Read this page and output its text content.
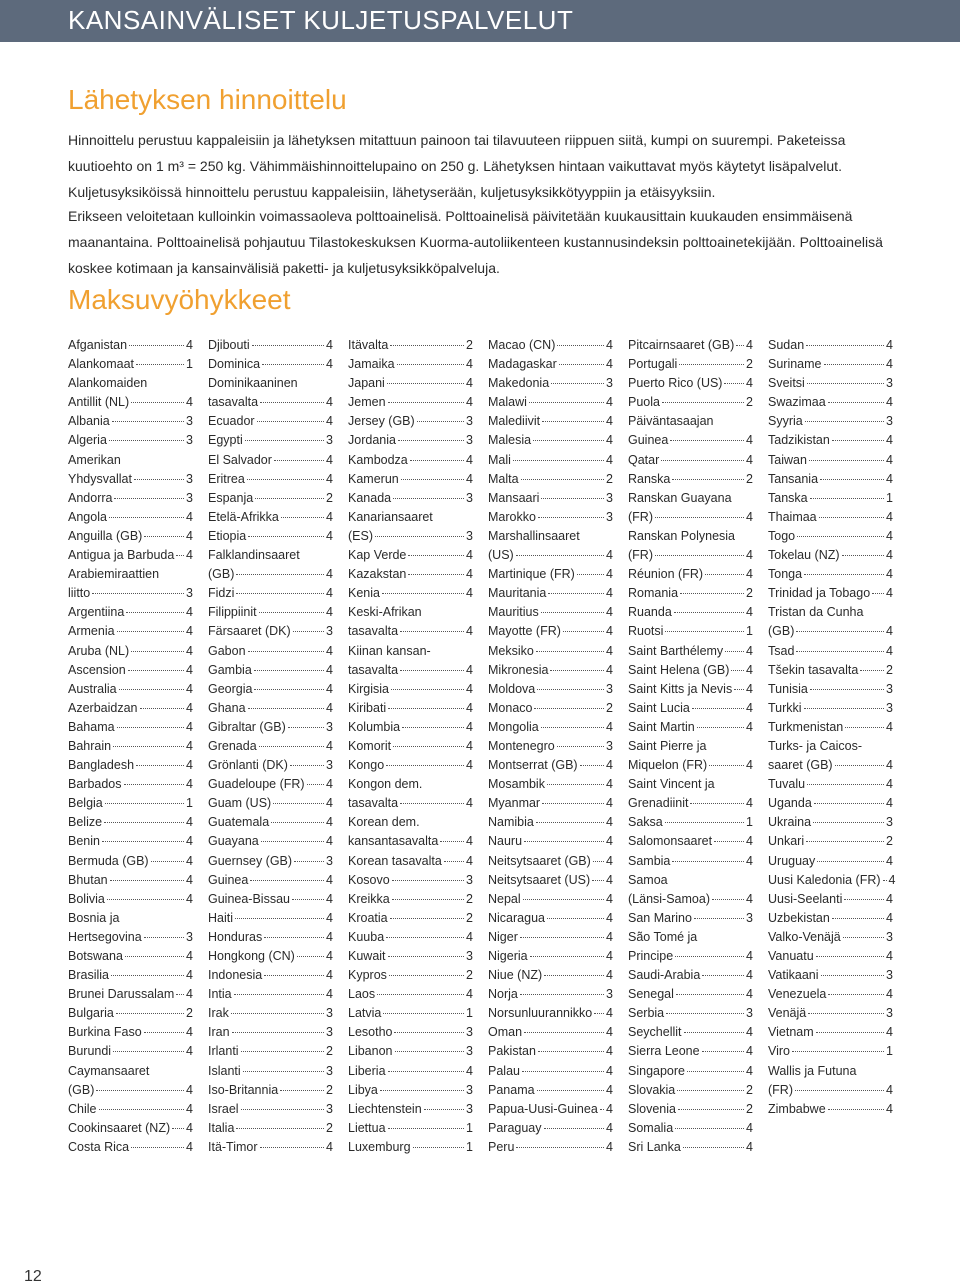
KANSAINVÄLISET KULJETUSPALVELUT
Lähetyksen hinnoittelu

Hinnoittelu perustuu kappaleisiin ja lähetyksen mitattuun painoon tai tilavuuteen riippuen siitä, kumpi on suurempi. Paketeissa kuutioehto on 1 m³ = 250 kg. Vähimmäishinnoittelupaino on 250 g. Lähetyksen hintaan vaikuttavat myös käytetyt lisäpalvelut. Kuljetusyksiköissä hinnoittelu perustuu kappaleisiin, lähetyserään, kuljetusyksikkötyyppiin ja etäisyyksiin.

Erikseen veloitetaan kulloinkin voimassaoleva polttoainelisä. Polttoainelisä päivitetään kuukausittain kuukauden ensimmäisenä maanantaina. Polttoainelisä pohjautuu Tilastokeskuksen Kuorma-autoliikenteen kustannusindeksin polttoainetekijään. Polttoainelisä koskee kotimaan ja kansainvälisiä paketti- ja kuljetusyksikköpalveluja.

Maksuvyöhykkeet
Afganistan	4
Alankomaat	1
Alankomaiden
Antillit (NL)	4
Albania	3
Algeria	3
Amerikan
Yhdysvallat	3
Andorra	3
Angola	4
Anguilla (GB)	4
Antigua ja Barbuda 4
Arabiemiraattien
liitto	3
Argentiina	4
Armenia	4
Aruba (NL)	4
Ascension	4
Australia	4
Azerbaidzan	4
Bahama	4
Bahrain	4
Bangladesh	4
Barbados	4
Belgia	1
Belize	4
Benin	4
Bermuda (GB)	4
Bhutan	4
Bolivia	4
Bosnia ja
Hertsegovina	3
Botswana	4
Brasilia	4
Brunei Darussalam 4
Bulgaria	2
Burkina Faso	4
Burundi	4
Caymansaaret
(GB)	4
Chile	4
Cookinsaaret (NZ) 4
Costa Rica	4
Djibouti	4
Dominica	4
Dominikaaninen
tasavalta	4
Ecuador	4
Egypti	3
El Salvador	4
Eritrea	4
Espanja	2
Etelä-Afrikka	4
Etiopia	4
Falklandinsaaret
(GB)	4
Fidzi	4
Filippiinit	4
Färsaaret (DK)	3
Gabon	4
Gambia	4
Georgia	4
Ghana	4
Gibraltar (GB)	3
Grenada	4
Grönlanti (DK)	3
Guadeloupe (FR) 4
Guam (US)	4
Guatemala	4
Guayana	4
Guernsey (GB)	3
Guinea	4
Guinea-Bissau	4
Haiti	4
Honduras	4
Hongkong (CN) 4
Indonesia	4
Intia	4
Irak	3
Iran	3
Irlanti	2
Islanti	3
Iso-Britannia	2
Israel	3
Italia	2
Itä-Timor	4
Itävalta	2
Jamaika	4
Japani	4
Jemen	4
Jersey (GB)	3
Jordania	3
Kambodza	4
Kamerun	4
Kanada	3
Kanariansaaret
(ES)	3
Kap Verde	4
Kazakstan	4
Kenia	4
Keski-Afrikan
tasavalta	4
Kiinan kansan-
tasavalta	4
Kirgisia	4
Kiribati	4
Kolumbia	4
Komorit	4
Kongo	4
Kongon dem.
tasavalta	4
Korean dem.
kansantasavalta 4
Korean tasavalta 4
Kosovo	3
Kreikka	2
Kroatia	2
Kuuba	4
Kuwait	3
Kypros	2
Laos	4
Latvia	1
Lesotho	3
Libanon	3
Liberia	4
Libya	3
Liechtenstein	3
Liettua	1
Luxemburg	1
Macao (CN)	4
Madagaskar	4
Makedonia	3
Malawi	4
Malediivit	4
Malesia	4
Mali	4
Malta	2
Mansaari	3
Marokko	3
Marshallinsaaret
(US)	4
Martinique (FR) 4
Mauritania	4
Mauritius	4
Mayotte (FR)	4
Meksiko	4
Mikronesia	4
Moldova	3
Monaco	2
Mongolia	4
Montenegro	3
Montserrat (GB) 4
Mosambik	4
Myanmar	4
Namibia	4
Nauru	4
Neitsytsaaret (GB) 4
Neitsytsaaret (US) 4
Nepal	4
Nicaragua	4
Niger	4
Nigeria	4
Niue (NZ)	4
Norja	3
Norsunluurannikko 4
Oman	4
Pakistan	4
Palau	4
Panama	4
Papua-Uusi-Guinea 4
Paraguay	4
Peru	4
Pitcairnsaaret (GB) 4
Portugali	2
Puerto Rico (US) 4
Puola	2
Päiväntasaajan
Guinea	4
Qatar	4
Ranska	2
Ranskan Guayana
(FR)	4
Ranskan Polynesia
(FR)	4
Réunion (FR)	4
Romania	2
Ruanda	4
Ruotsi	1
Saint Barthélemy 4
Saint Helena (GB) 4
Saint Kitts ja Nevis 4
Saint Lucia	4
Saint Martin	4
Saint Pierre ja
Miquelon (FR)	4
Saint Vincent ja
Grenadiinit	4
Saksa	1
Salomonsaaret	4
Sambia	4
Samoa
(Länsi-Samoa)	4
San Marino	3
São Tomé ja
Principe	4
Saudi-Arabia	4
Senegal	4
Serbia	3
Seychellit	4
Sierra Leone	4
Singapore	4
Slovakia	2
Slovenia	2
Somalia	4
Sri Lanka	4
Sudan	4
Suriname	4
Sveitsi	3
Swazimaa	4
Syyria	3
Tadzikistan	4
Taiwan	4
Tansania	4
Tanska	1
Thaimaa	4
Togo	4
Tokelau (NZ)	4
Tonga	4
Trinidad ja Tobago 4
Tristan da Cunha
(GB)	4
Tsad	4
Tšekin tasavalta 2
Tunisia	3
Turkki	3
Turkmenistan	4
Turks- ja Caicos-
saaret (GB)	4
Tuvalu	4
Uganda	4
Ukraina	3
Unkari	2
Uruguay	4
Uusi Kaledonia (FR) 4
Uusi-Seelanti	4
Uzbekistan	4
Valko-Venäjä	3
Vanuatu	4
Vatikaani	3
Venezuela	4
Venäjä	3
Vietnam	4
Viro	1
Wallis ja Futuna
(FR)	4
Zimbabwe	4
12
